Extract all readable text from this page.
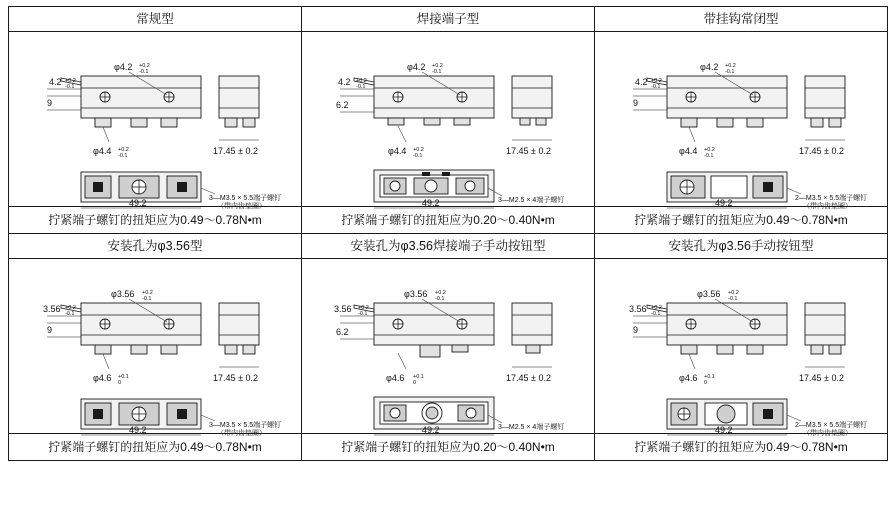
常规型	焊接端子型	带挂钩常闭型

φ4.2 +0.2
-0.1
4.2 +0.2
-0.1
9
φ4.4 +0.2
-0.1	17.45 ± 0.2
49.2	3—M3.5 × 5.5端子螺钉
（带内齿垫圈）
拧紧端子螺钉的扭矩应为0.49～0.78N•m

φ4.2 +0.2
-0.1
4.2 +0.2
-0.1
6.2
φ4.4 +0.2
-0.1	17.45 ± 0.2
49.2	3—M2.5 × 4端子螺钉
拧紧端子螺钉的扭矩应为0.20～0.40N•m

φ4.2 +0.2
-0.1
4.2 +0.2
-0.1
9
φ4.4 +0.2
-0.1	17.45 ± 0.2
49.2	2—M3.5 × 5.5端子螺钉
（带内齿垫圈）
拧紧端子螺钉的扭矩应为0.49～0.78N•m

安装孔为φ3.56型	安装孔为φ3.56焊接端子手动按钮型	安装孔为φ3.56手动按钮型

φ3.56 +0.2
-0.1
3.56 +0.2
-0.1
9
φ4.6 +0.1
0	17.45 ± 0.2
49.2	3—M3.5 × 5.5端子螺钉
（带内齿垫圈）
拧紧端子螺钉的扭矩应为0.49～0.78N•m

φ3.56 +0.2
-0.1
3.56 +0.2
-0.1
6.2
φ4.6 +0.1
0	17.45 ± 0.2
49.2	3—M2.5 × 4端子螺钉
拧紧端子螺钉的扭矩应为0.20～0.40N•m

φ3.56 +0.2
-0.1
3.56 +0.2
-0.1
9
φ4.6 +0.1
0	17.45 ± 0.2
49.2	2—M3.5 × 5.5端子螺钉
（带内齿垫圈）
拧紧端子螺钉的扭矩应为0.49～0.78N•m
